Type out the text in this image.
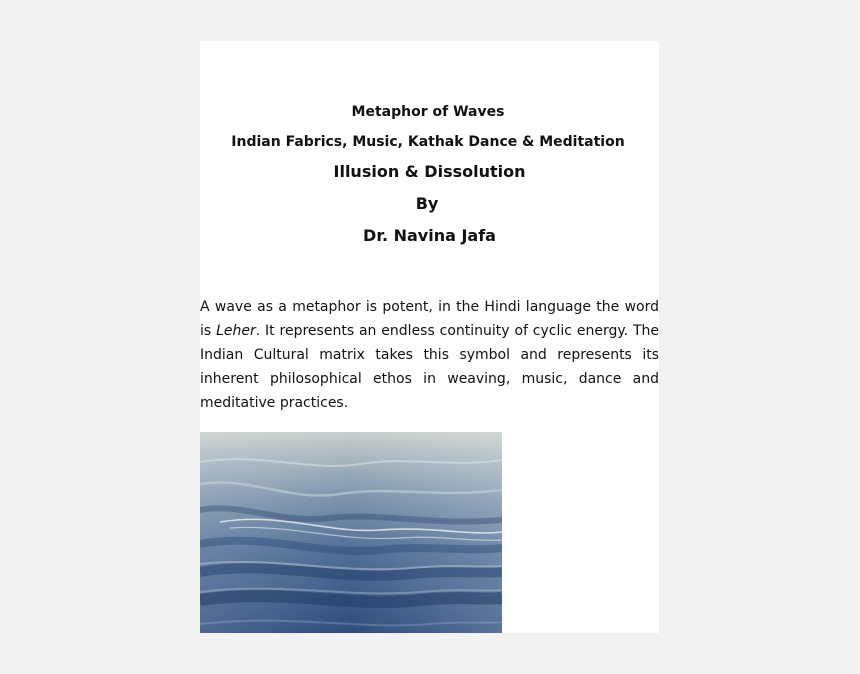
Metaphor of Waves
Indian Fabrics, Music, Kathak Dance & Meditation
Illusion & Dissolution
By
Dr. Navina Jafa

A wave as a metaphor is potent, in the Hindi language the word is Leher. It represents an endless continuity of cyclic energy. The Indian Cultural matrix takes this symbol and represents its inherent philosophical ethos in weaving, music, dance and meditative practices.
